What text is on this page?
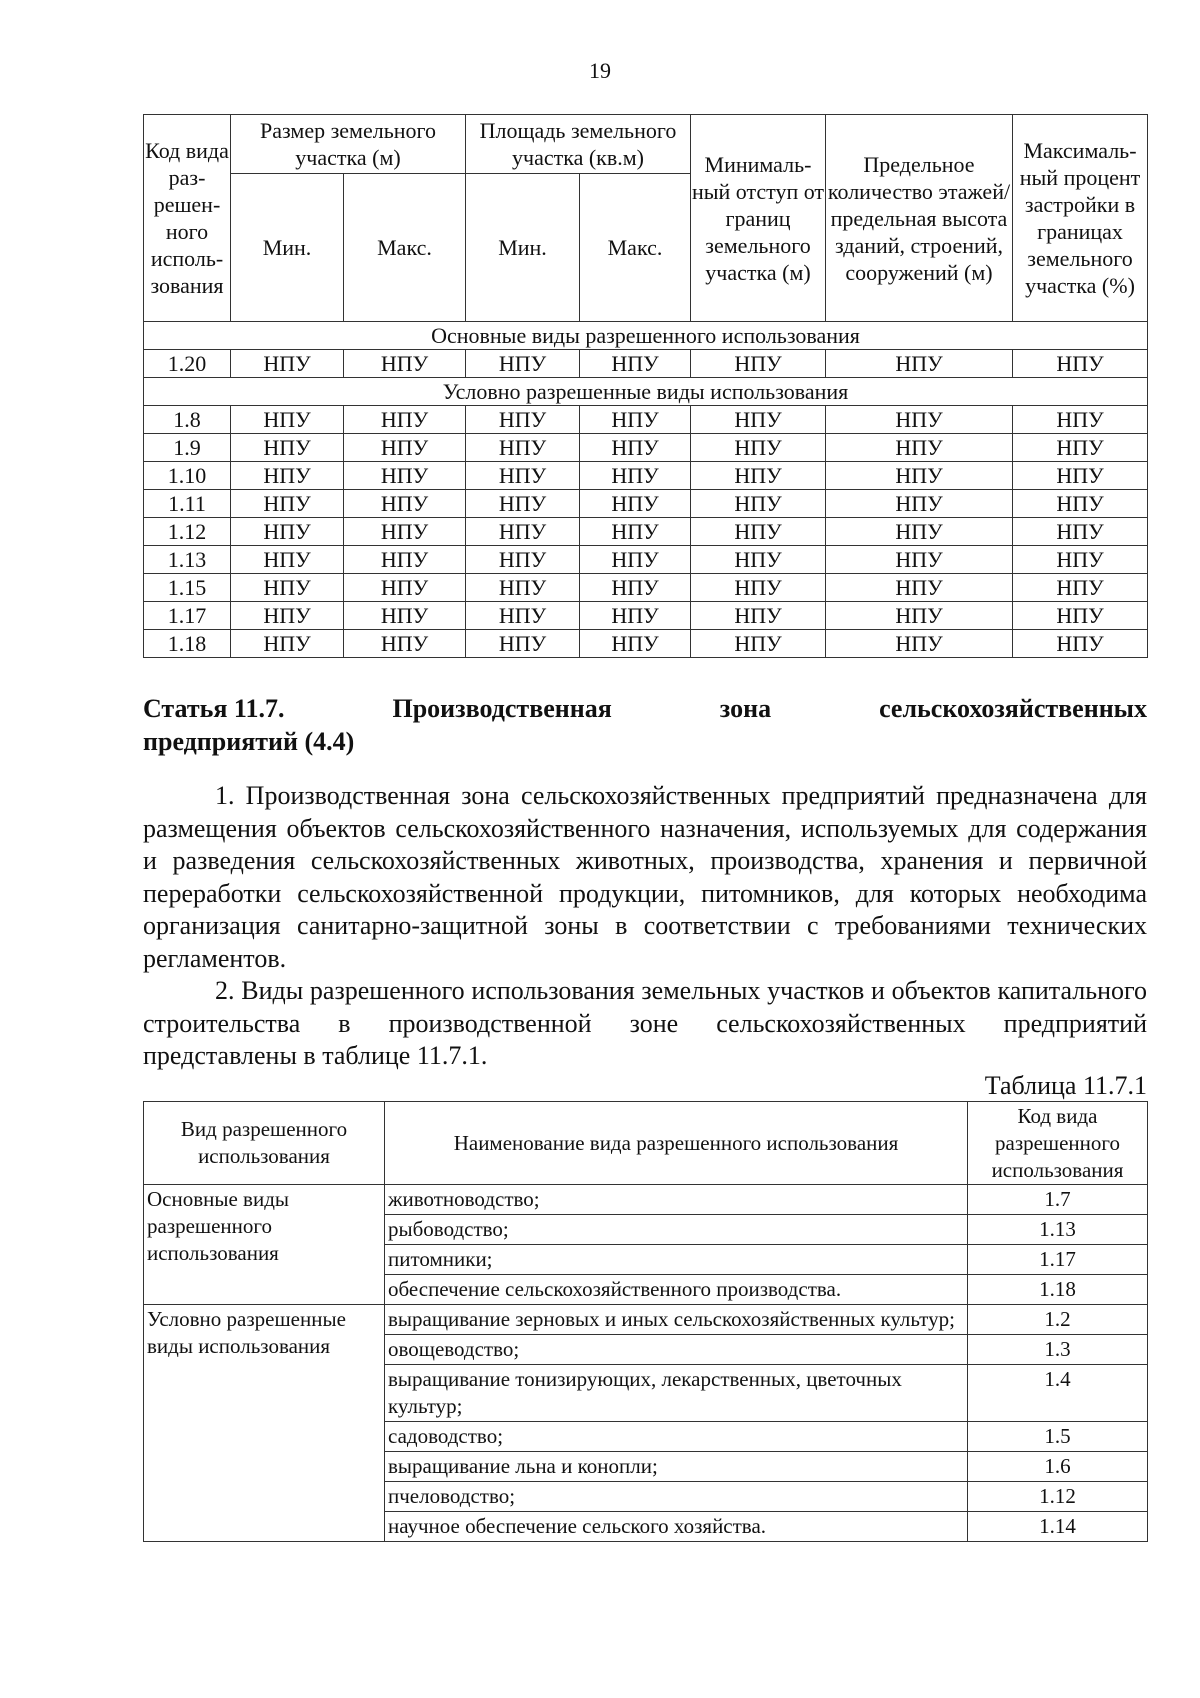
19
Код вида раз-решен-ного исполь-зования	Размер земельного участка (м)		Площадь земельного участка (кв.м)		Минималь-ный отступ от границ земельного участка (м)	Предельное количество этажей/ предельная высота зданий, строений, сооружений (м)	Максималь-ный процент застройки в границах земельного участка (%)
	Мин.	Макс.	Мин.	Макс.			
Основные виды разрешенного использования							
1.20	НПУ	НПУ	НПУ	НПУ	НПУ	НПУ	НПУ
Условно разрешенные виды использования							
1.8	НПУ	НПУ	НПУ	НПУ	НПУ	НПУ	НПУ
1.9	НПУ	НПУ	НПУ	НПУ	НПУ	НПУ	НПУ
1.10	НПУ	НПУ	НПУ	НПУ	НПУ	НПУ	НПУ
1.11	НПУ	НПУ	НПУ	НПУ	НПУ	НПУ	НПУ
1.12	НПУ	НПУ	НПУ	НПУ	НПУ	НПУ	НПУ
1.13	НПУ	НПУ	НПУ	НПУ	НПУ	НПУ	НПУ
1.15	НПУ	НПУ	НПУ	НПУ	НПУ	НПУ	НПУ
1.17	НПУ	НПУ	НПУ	НПУ	НПУ	НПУ	НПУ
1.18	НПУ	НПУ	НПУ	НПУ	НПУ	НПУ	НПУ
Статья 11.7.	Производственная	зона	сельскохозяйственных
предприятий (4.4)

1. Производственная зона сельскохозяйственных предприятий предназначена для размещения объектов сельскохозяйственного назначения, используемых для содержания и разведения сельскохозяйственных животных, производства, хранения и первичной переработки сельскохозяйственной продукции, питомников, для которых необходима организация санитарно-защитной зоны в соответствии с требованиями технических регламентов.

2. Виды разрешенного использования земельных участков и объектов капитального строительства в производственной зоне сельскохозяйственных предприятий представлены в таблице 11.7.1.

Таблица 11.7.1
Вид разрешенного использования	Наименование вида разрешенного использования	Код вида разрешенного использования
Основные виды разрешенного использования	животноводство;	1.7
	рыбоводство;	1.13
	питомники;	1.17
	обеспечение сельскохозяйственного производства.	1.18
Условно разрешенные виды использования	выращивание зерновых и иных сельскохозяйственных культур;	1.2
	овощеводство;	1.3
	выращивание тонизирующих, лекарственных, цветочных культур;	1.4
	садоводство;	1.5
	выращивание льна и конопли;	1.6
	пчеловодство;	1.12
	научное обеспечение сельского хозяйства.	1.14
